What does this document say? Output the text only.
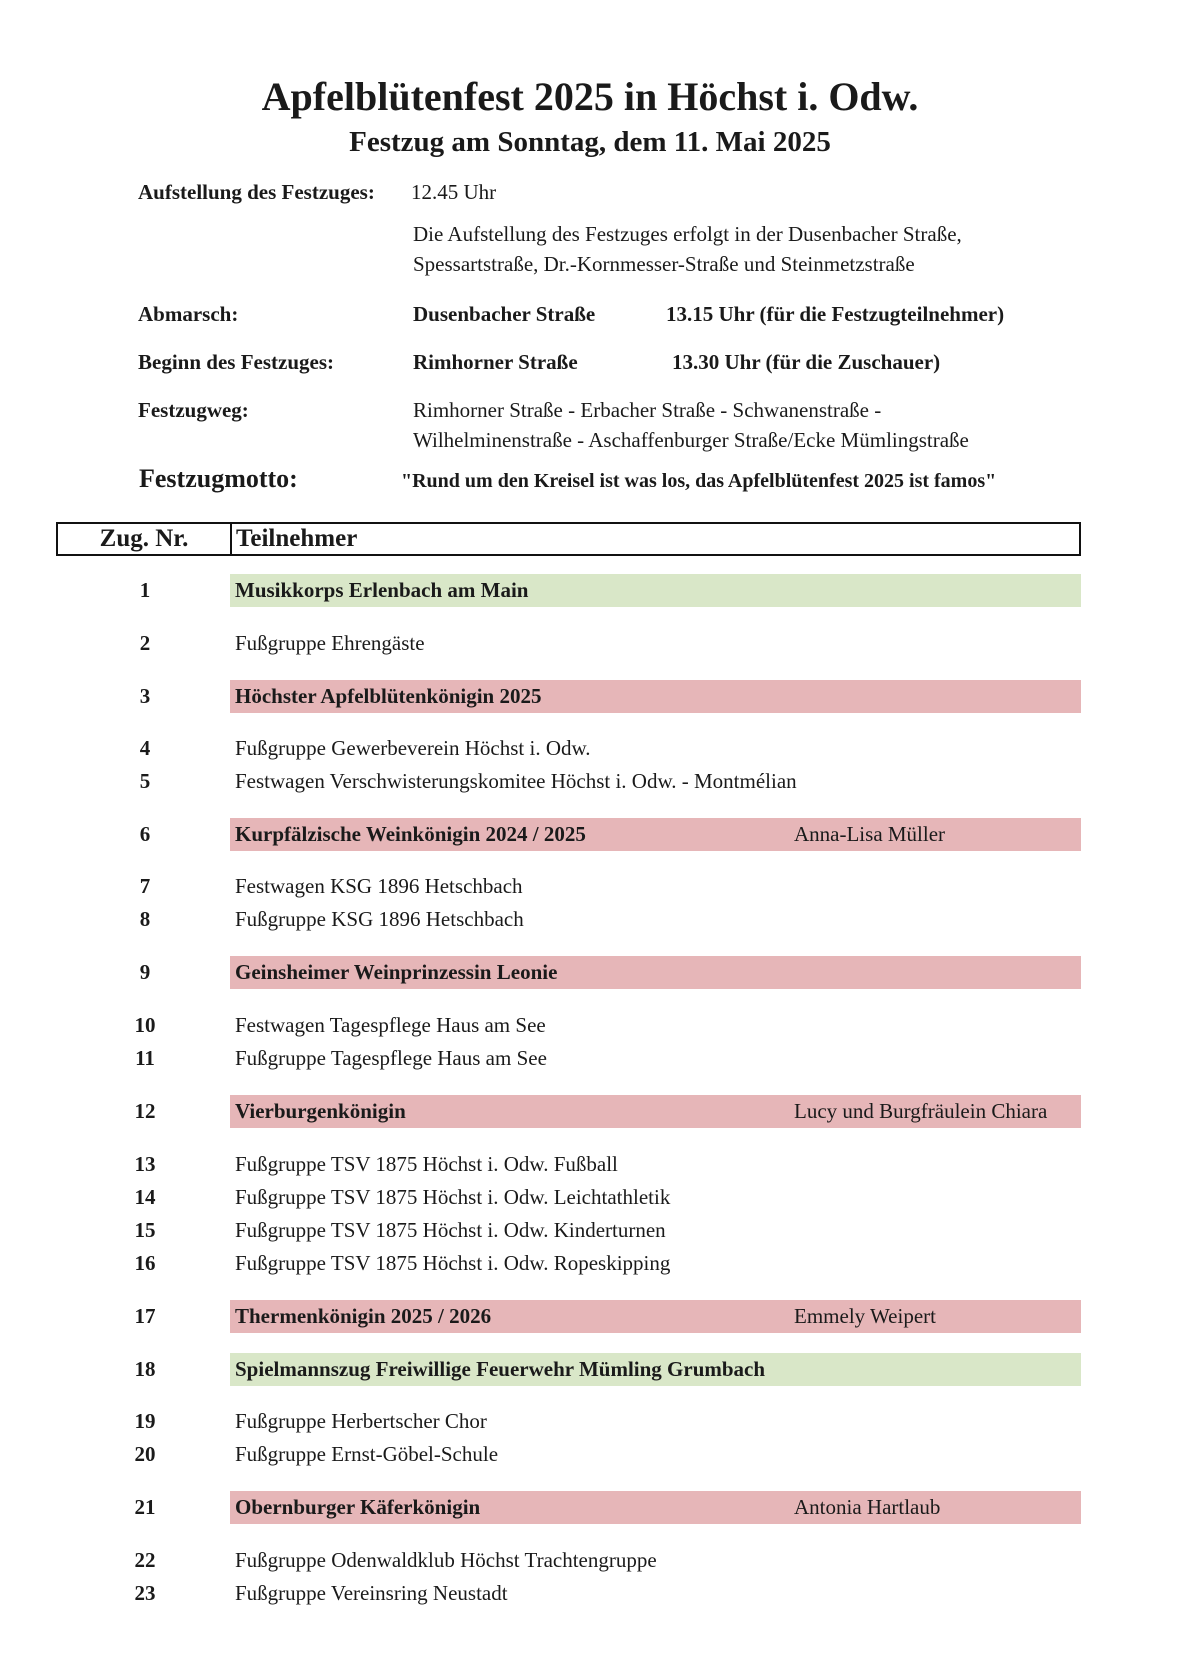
Apfelblütenfest 2025 in Höchst i. Odw.
Festzug am Sonntag, dem 11. Mai 2025
Aufstellung des Festzuges: 12.45 Uhr
Die Aufstellung des Festzuges erfolgt in der Dusenbacher Straße,
Spessartstraße, Dr.-Kornmesser-Straße und Steinmetzstraße
Abmarsch:	Dusenbacher Straße	13.15 Uhr (für die Festzugteilnehmer)
Beginn des Festzuges:	Rimhorner Straße	13.30 Uhr (für die Zuschauer)
Festzugweg:	Rimhorner Straße - Erbacher Straße - Schwanenstraße -
Wilhelminenstraße - Aschaffenburger Straße/Ecke Mümlingstraße
Festzugmotto:	"Rund um den Kreisel ist was los, das Apfelblütenfest 2025 ist famos"
Zug. Nr.	Teilnehmer
1	Musikkorps Erlenbach am Main
2	Fußgruppe Ehrengäste
3	Höchster Apfelblütenkönigin 2025
4	Fußgruppe Gewerbeverein Höchst i. Odw.
5	Festwagen Verschwisterungskomitee Höchst i. Odw. - Montmélian
6	Kurpfälzische Weinkönigin 2024 / 2025	Anna-Lisa Müller
7	Festwagen KSG 1896 Hetschbach
8	Fußgruppe KSG 1896 Hetschbach
9	Geinsheimer Weinprinzessin Leonie
10	Festwagen Tagespflege Haus am See
11	Fußgruppe Tagespflege Haus am See
12	Vierburgenkönigin	Lucy und Burgfräulein Chiara
13	Fußgruppe TSV 1875 Höchst i. Odw. Fußball
14	Fußgruppe TSV 1875 Höchst i. Odw. Leichtathletik
15	Fußgruppe TSV 1875 Höchst i. Odw. Kinderturnen
16	Fußgruppe TSV 1875 Höchst i. Odw. Ropeskipping
17	Thermenkönigin 2025 / 2026	Emmely Weipert
18	Spielmannszug Freiwillige Feuerwehr Mümling Grumbach
19	Fußgruppe Herbertscher Chor
20	Fußgruppe Ernst-Göbel-Schule
21	Obernburger Käferkönigin	Antonia Hartlaub
22	Fußgruppe Odenwaldklub Höchst Trachtengruppe
23	Fußgruppe Vereinsring Neustadt
